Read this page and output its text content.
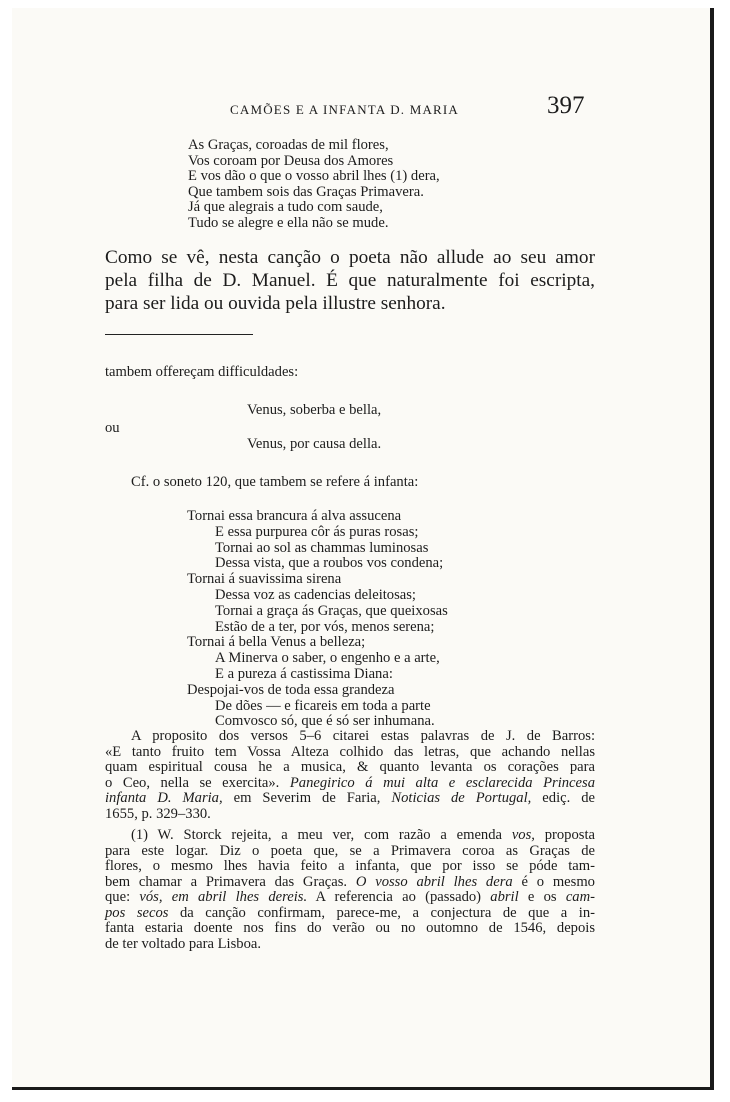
CAMÕES E A INFANTA D. MARIA	397
As Graças, coroadas de mil flores,
Vos coroam por Deusa dos Amores
E vos dão o que o vosso abril lhes (1) dera,
Que tambem sois das Graças Primavera.
Já que alegrais a tudo com saude,
Tudo se alegre e ella não se mude.
Como se vê, nesta canção o poeta não allude ao seu amor
pela filha de D. Manuel. É que naturalmente foi escripta,
para ser lida ou ouvida pela illustre senhora.
tambem offereçam difficuldades:
Venus, soberba e bella,
ou
Venus, por causa della.
Cf. o soneto 120, que tambem se refere á infanta:
Tornai essa brancura á alva assucena
E essa purpurea côr ás puras rosas;
Tornai ao sol as chammas luminosas
Dessa vista, que a roubos vos condena;
Tornai á suavissima sirena
Dessa voz as cadencias deleitosas;
Tornai a graça ás Graças, que queixosas
Estão de a ter, por vós, menos serena;
Tornai á bella Venus a belleza;
A Minerva o saber, o engenho e a arte,
E a pureza á castissima Diana:
Despojai-vos de toda essa grandeza
De dões — e ficareis em toda a parte
Comvosco só, que é só ser inhumana.
A proposito dos versos 5–6 citarei estas palavras de J. de Barros:
«E tanto fruito tem Vossa Alteza colhido das letras, que achando nellas
quam espiritual cousa he a musica, & quanto levanta os corações para
o Ceo, nella se exercita». Panegirico á mui alta e esclarecida Princesa
infanta D. Maria, em Severim de Faria, Noticias de Portugal, ediç. de
1655, p. 329–330.
(1) W. Storck rejeita, a meu ver, com razão a emenda vos, proposta
para este logar. Diz o poeta que, se a Primavera coroa as Graças de
flores, o mesmo lhes havia feito a infanta, que por isso se póde tam-
bem chamar a Primavera das Graças. O vosso abril lhes dera é o mesmo
que: vós, em abril lhes dereis. A referencia ao (passado) abril e os cam-
pos secos da canção confirmam, parece-me, a conjectura de que a in-
fanta estaria doente nos fins do verão ou no outomno de 1546, depois
de ter voltado para Lisboa.
